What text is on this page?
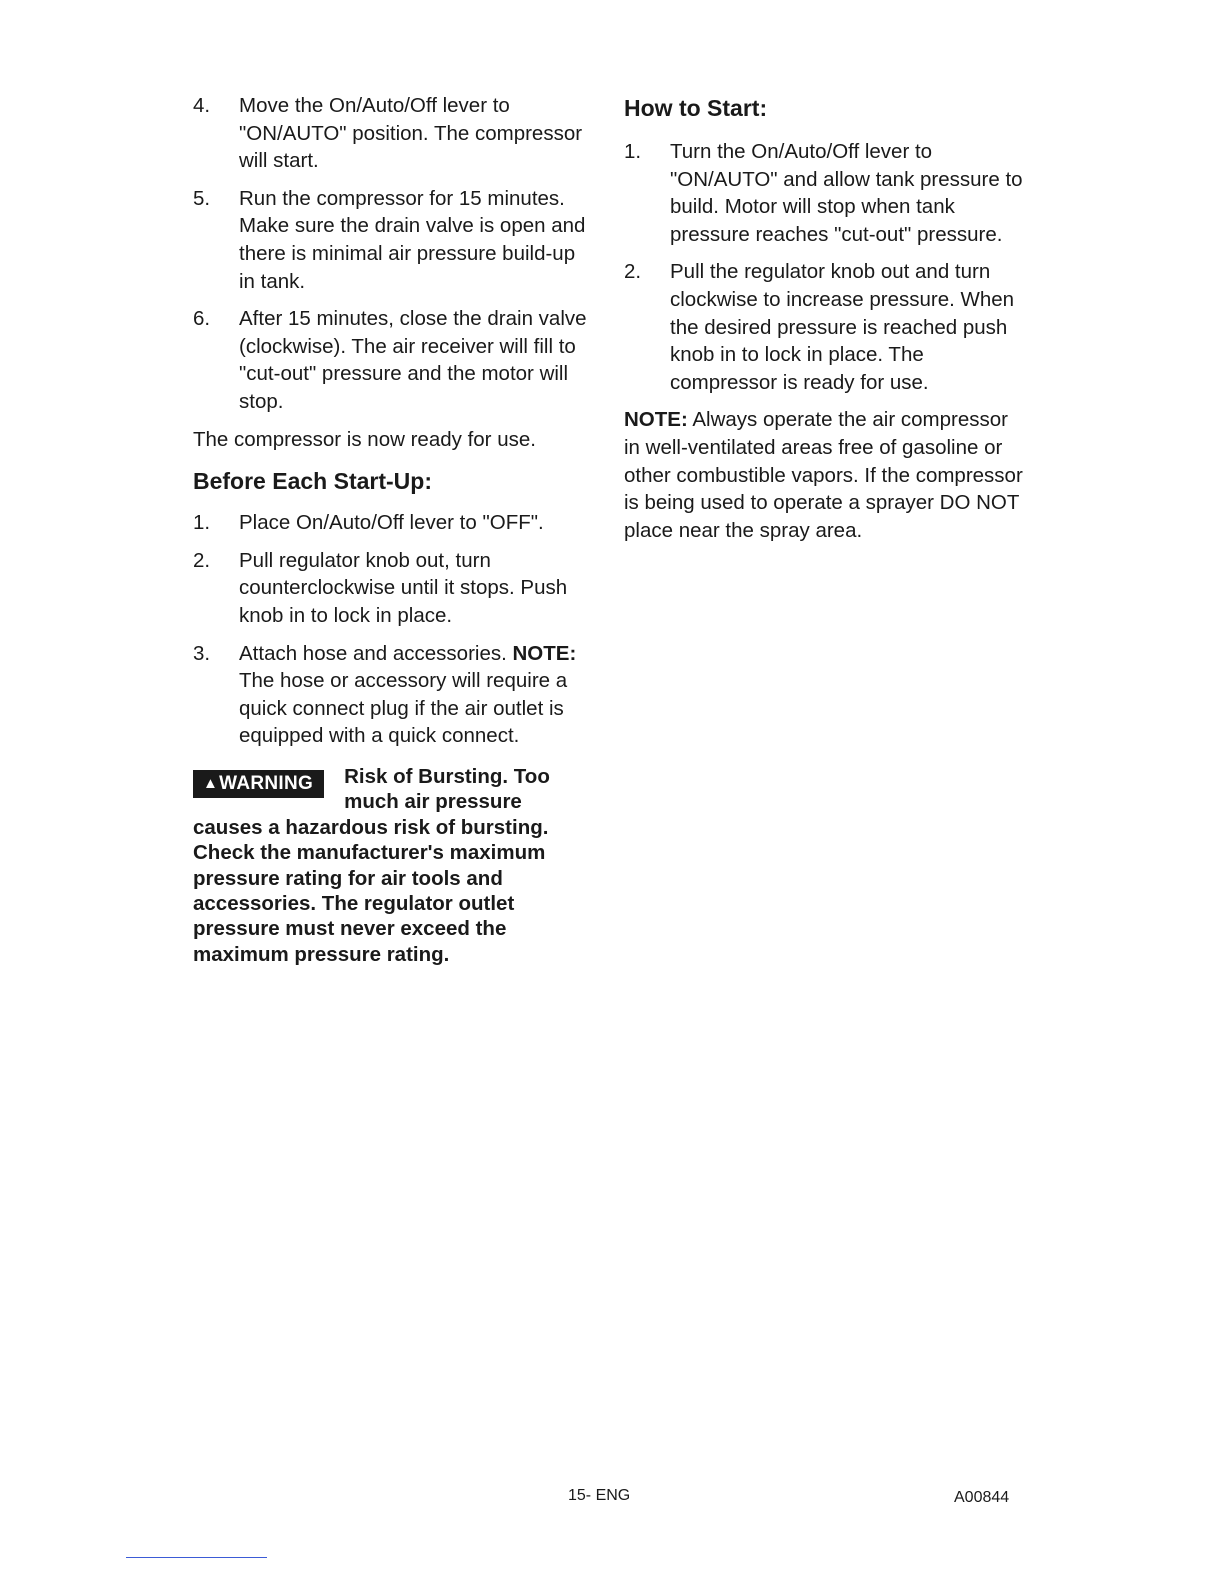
4. Move the On/Auto/Off lever to "ON/AUTO" position. The compressor will start.
5. Run the compressor for 15 minutes. Make sure the drain valve is open and there is minimal air pressure build-up in tank.
6. After 15 minutes, close the drain valve (clockwise). The air receiver will fill to "cut-out" pressure and the motor will stop.
The compressor is now ready for use.
Before Each Start-Up:
1. Place On/Auto/Off lever to "OFF".
2. Pull regulator knob out, turn counterclockwise until it stops. Push knob in to lock in place.
3. Attach hose and accessories. NOTE: The hose or accessory will require a quick connect plug if the air outlet is equipped with a quick connect.
▲WARNING	Risk of Bursting. Too much air pressure causes a hazardous risk of bursting. Check the manufacturer's maximum pressure rating for air tools and accessories. The regulator outlet pressure must never exceed the maximum pressure rating.
How to Start:
1. Turn the On/Auto/Off lever to "ON/AUTO" and allow tank pressure to build. Motor will stop when tank pressure reaches "cut-out" pressure.
2. Pull the regulator knob out and turn clockwise to increase pressure. When the desired pressure is reached push knob in to lock in place. The compressor is ready for use.
NOTE: Always operate the air compressor in well-ventilated areas free of gasoline or other combustible vapors. If the compressor is being used to operate a sprayer DO NOT place near the spray area.
15- ENG	A00844
